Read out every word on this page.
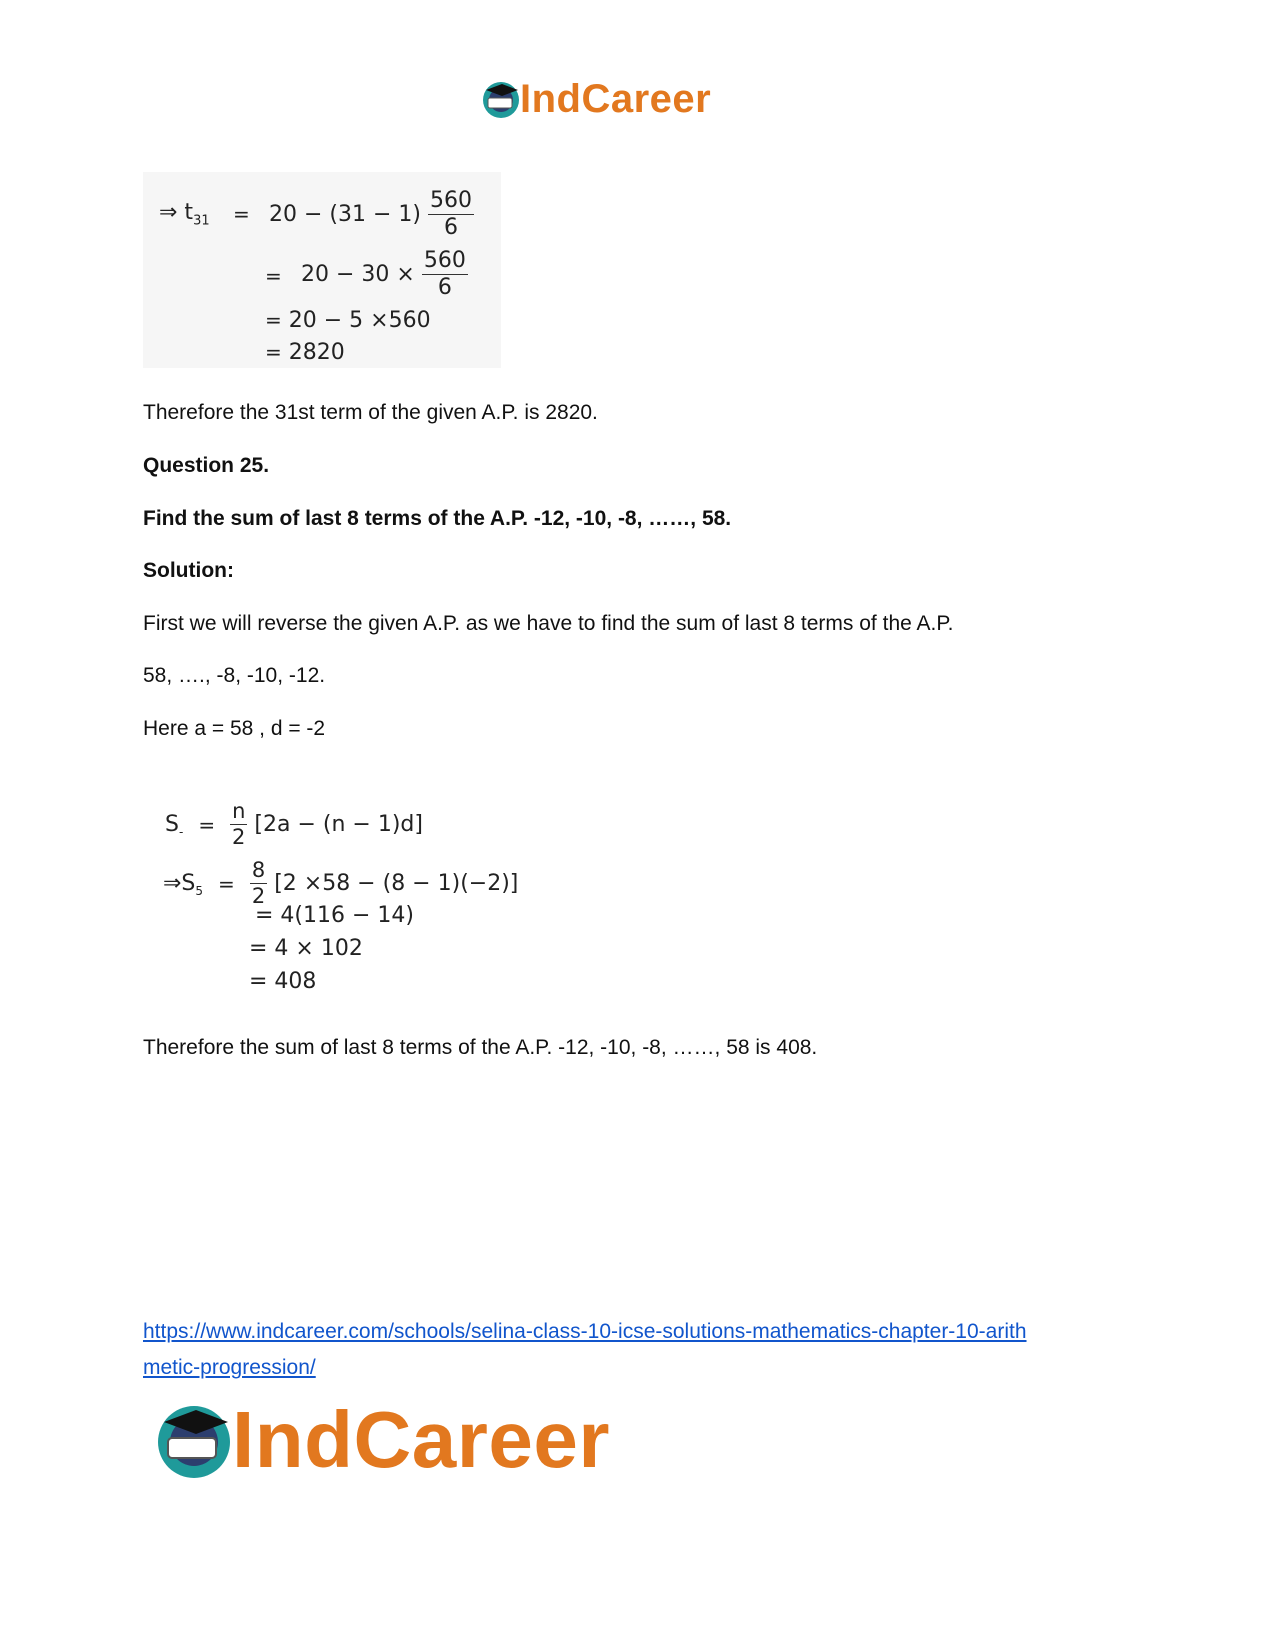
IndCareer
⇒ $t_{31} = 20 - (31 - 1) \frac{560}{6}$
= $20 - 30 \times \frac{560}{6}$
= 20 − 5 ×560
= 2820
Therefore the 31st term of the given A.P. is 2820.
Question 25.
Find the sum of last 8 terms of the A.P. -12, -10, -8, ……, 58.
Solution:
First we will reverse the given A.P. as we have to find the sum of last 8 terms of the A.P.
58, …., -8, -10, -12.
Here a = 58 , d = -2
$S_- = \frac{n}{2} [2a - (n - 1)d]$
$\Rightarrow S_5 = \frac{8}{2} [2 \times 58 - (8 - 1)(-2)]$
= 4(116 − 14)
= 4 × 102
= 408
Therefore the sum of last 8 terms of the A.P. -12, -10, -8, ……, 58 is 408.
https://www.indcareer.com/schools/selina-class-10-icse-solutions-mathematics-chapter-10-arith
metic-progression/
IndCareer
